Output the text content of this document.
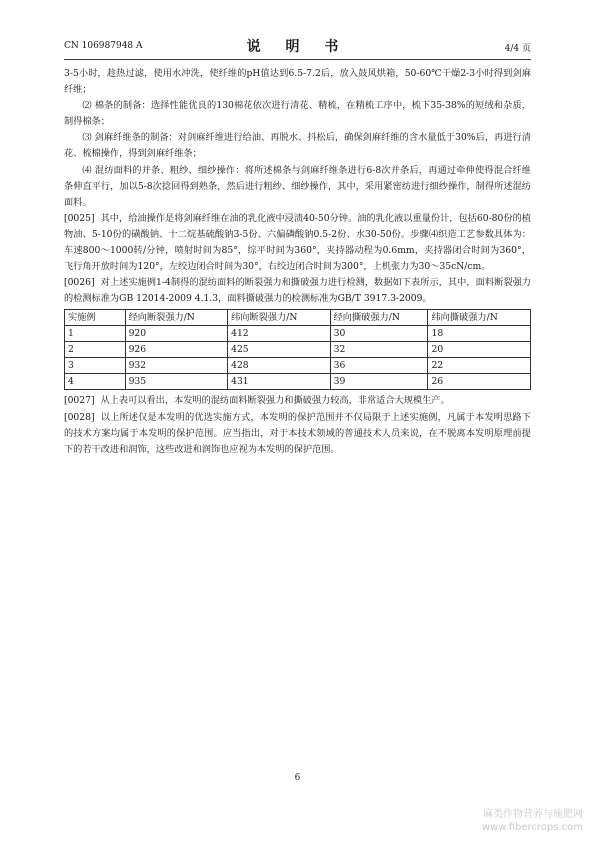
CN 106987948 A	说 明 书	4/4 页

3-5小时，趁热过滤，使用水冲洗，使纤维的pH值达到6.5-7.2后，放入鼓风烘箱，50-60℃干燥2-3小时得到剑麻纤维；

⑵ 棉条的制备：选择性能优良的130棉花依次进行清花、精梳，在精梳工序中，梳下35-38%的短绒和杂质，制得棉条；

⑶ 剑麻纤维条的制备：对剑麻纤维进行给油、再脱水、抖松后，确保剑麻纤维的含水量低于30%后，再进行清花、梳棉操作，得到剑麻纤维条；

⑷ 混纺面料的并条、粗纱、细纱操作：将所述棉条与剑麻纤维条进行6-8次并条后，再通过牵伸使得混合纤维条伸直平行，加以5-8次捻回得到熟条，然后进行粗纱、细纱操作，其中，采用紧密纺进行细纱操作，制得所述混纺面料。

[0025] 其中，给油操作是将剑麻纤维在油的乳化液中浸渍40-50分钟。油的乳化液以重量份计，包括60-80份的植物油、5-10份的磺酸钠、十二烷基硫酸钠3-5份、六偏磷酸钠0.5-2份、水30-50份。步骤⑷织造工艺参数具体为：车速800～1000转/分钟，喷射时间为85°，综平时间为360°，夹持器动程为0.6mm，夹持器闭合时间为360°，飞行角开放时间为120°，左绞边闭合时间为30°，右绞边闭合时间为300°，上机张力为30～35cN/cm。

[0026] 对上述实施例1-4制得的混纺面料的断裂强力和撕破强力进行检测，数据如下表所示，其中，面料断裂强力的检测标准为GB 12014-2009 4.1.3，面料撕破强力的检测标准为GB/T 3917.3-2009。

实施例	经向断裂强力/N	纬向断裂强力/N	经向撕破强力/N	纬向撕破强力/N
1	920	412	30	18
2	926	425	32	20
3	932	428	36	22
4	935	431	39	26

[0027] 从上表可以看出，本发明的混纺面料断裂强力和撕破强力较高，非常适合大规模生产。

[0028] 以上所述仅是本发明的优选实施方式，本发明的保护范围并不仅局限于上述实施例，凡属于本发明思路下的技术方案均属于本发明的保护范围。应当指出，对于本技术领域的普通技术人员来说，在不脱离本发明原理前提下的若干改进和润饰，这些改进和润饰也应视为本发明的保护范围。

6
麻类作物营养与施肥网
www.fibercrops.com
